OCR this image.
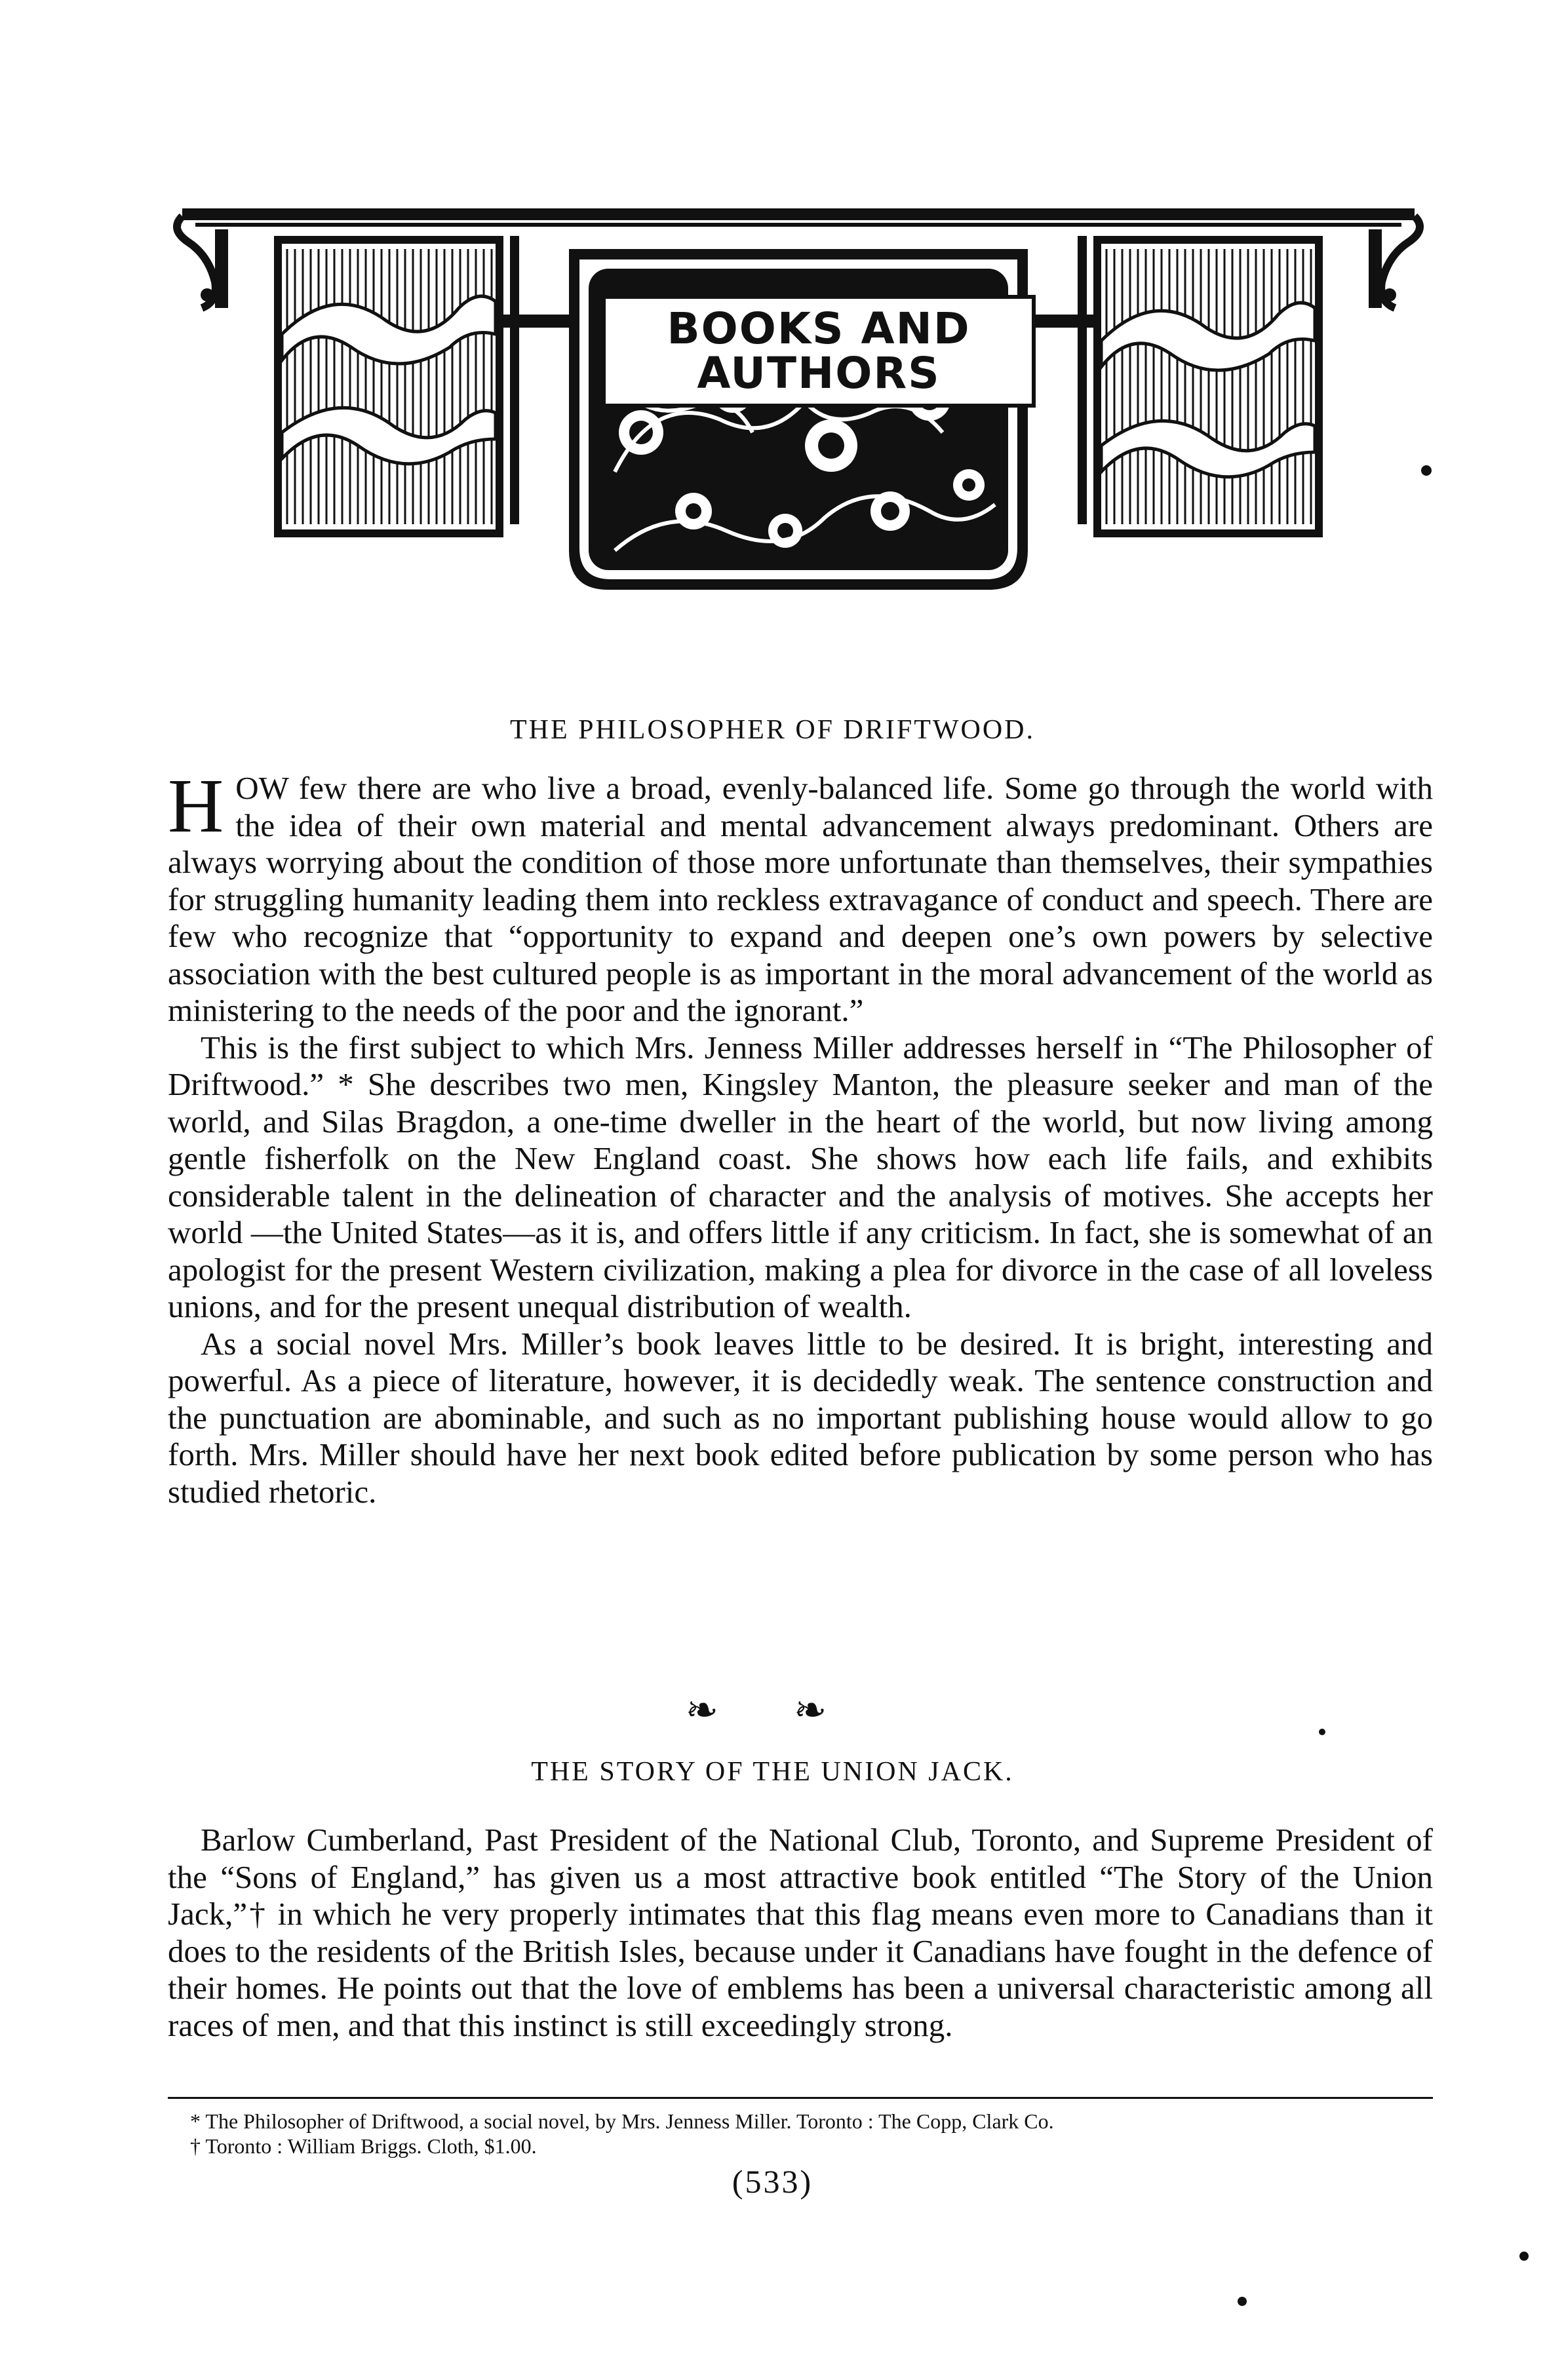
BOOKS AND
AUTHORS
THE PHILOSOPHER OF DRIFTWOOD.

HOW few there are who live a broad, evenly-balanced life. Some go through the world with the idea of their own material and mental advancement always predominant. Others are always worrying about the condition of those more unfortunate than themselves, their sympathies for struggling humanity leading them into reckless extravagance of conduct and speech. There are few who recognize that “opportunity to expand and deepen one’s own powers by selective association with the best cultured people is as important in the moral advancement of the world as ministering to the needs of the poor and the ignorant.”

This is the first subject to which Mrs. Jenness Miller addresses herself in “The Philosopher of Driftwood.” * She describes two men, Kingsley Manton, the pleasure seeker and man of the world, and Silas Bragdon, a one-time dweller in the heart of the world, but now living among gentle fisherfolk on the New England coast. She shows how each life fails, and exhibits considerable talent in the delineation of character and the analysis of motives. She accepts her world —the United States—as it is, and offers little if any criticism. In fact, she is somewhat of an apologist for the present Western civilization, making a plea for divorce in the case of all loveless unions, and for the present unequal distribution of wealth.

As a social novel Mrs. Miller’s book leaves little to be desired. It is bright, interesting and powerful. As a piece of literature, however, it is decidedly weak. The sentence construction and the punctuation are abominable, and such as no important publishing house would allow to go forth. Mrs. Miller should have her next book edited before publication by some person who has studied rhetoric.

❧ ❧
THE STORY OF THE UNION JACK.

Barlow Cumberland, Past President of the National Club, Toronto, and Supreme President of the “Sons of England,” has given us a most attractive book entitled “The Story of the Union Jack,”† in which he very properly intimates that this flag means even more to Canadians than it does to the residents of the British Isles, because under it Canadians have fought in the defence of their homes. He points out that the love of emblems has been a universal characteristic among all races of men, and that this instinct is still exceedingly strong.

* The Philosopher of Driftwood, a social novel, by Mrs. Jenness Miller. Toronto : The Copp, Clark Co.
† Toronto : William Briggs. Cloth, $1.00.
(533)
